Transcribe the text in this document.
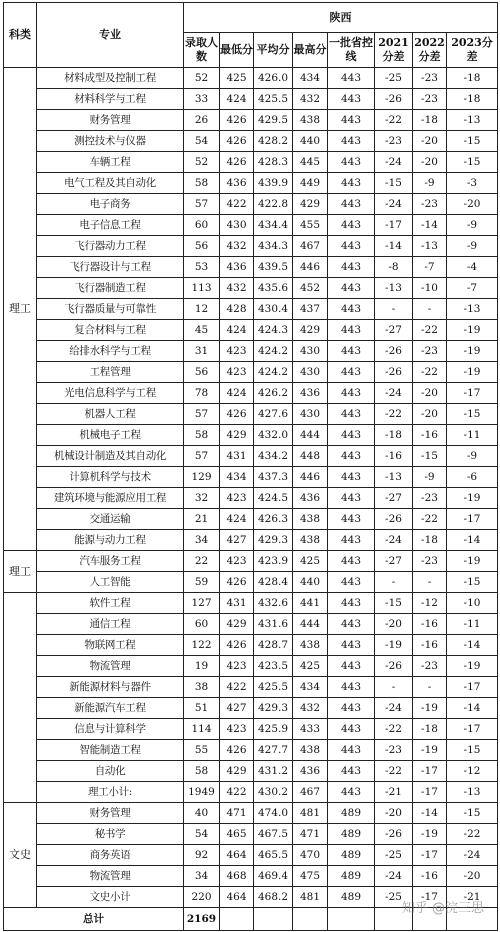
科类	专业	陕西							
		录取人数	最低分	平均分	最高分	一批省控线	2021分差	2022分差	2023分差
理工	材料成型及控制工程	52	425	426.0	434	443	-25	-23	-18
	材料科学与工程	33	424	425.5	432	443	-26	-23	-18
	财务管理	26	426	429.5	438	443	-22	-18	-13
	测控技术与仪器	54	426	428.2	440	443	-23	-20	-15
	车辆工程	52	426	428.3	445	443	-24	-20	-15
	电气工程及其自动化	58	436	439.9	449	443	-15	-9	-3
	电子商务	57	422	422.8	429	443	-24	-23	-20
	电子信息工程	60	430	434.4	455	443	-17	-14	-9
	飞行器动力工程	56	432	434.3	467	443	-14	-13	-9
	飞行器设计与工程	53	436	439.5	446	443	-8	-7	-4
	飞行器制造工程	113	432	435.6	452	443	-13	-10	-7
	飞行器质量与可靠性	12	428	430.4	437	443	-	-	-13
	复合材料与工程	45	424	424.3	429	443	-27	-22	-19
	给排水科学与工程	31	423	424.2	430	443	-26	-23	-19
	工程管理	56	423	424.2	430	443	-26	-22	-19
	光电信息科学与工程	78	424	426.2	436	443	-24	-20	-17
	机器人工程	57	426	427.6	430	443	-22	-20	-15
	机械电子工程	58	429	432.0	444	443	-18	-16	-11
	机械设计制造及其自动化	57	431	434.2	448	443	-16	-15	-9
	计算机科学与技术	129	434	437.3	446	443	-13	-9	-6
	建筑环境与能源应用工程	32	423	424.5	436	443	-27	-23	-19
	交通运输	21	424	426.3	438	443	-26	-22	-17
	能源与动力工程	34	427	429.3	438	443	-24	-18	-14
理工	汽车服务工程	22	423	423.9	425	443	-27	-23	-19
	人工智能	59	426	428.4	440	443	-	-	-15
	软件工程	127	431	432.6	441	443	-15	-12	-10
	通信工程	60	429	431.6	444	443	-20	-16	-11
	物联网工程	122	426	428.7	438	443	-19	-16	-14
	物流管理	19	423	423.5	425	443	-26	-23	-19
	新能源材料与器件	38	422	425.5	434	443	-	-	-17
	新能源汽车工程	51	427	429.3	432	443	-24	-19	-14
	信息与计算科学	114	423	425.9	433	443	-22	-18	-17
	智能制造工程	55	426	427.7	438	443	-23	-19	-15
	自动化	58	429	431.2	436	443	-22	-17	-12
	理工小计:	1949	422	430.2	467	443	-21	-17	-13
文史	财务管理	40	471	474.0	481	489	-20	-14	-15
	秘书学	54	465	467.5	471	489	-26	-19	-22
	商务英语	92	464	465.5	470	489	-25	-17	-24
	物流管理	34	468	469.4	475	489	-24	-16	-20
	文史小计	220	464	468.2	481	489	-25	-17	-21
总计		2169							
知乎 @浣三思
